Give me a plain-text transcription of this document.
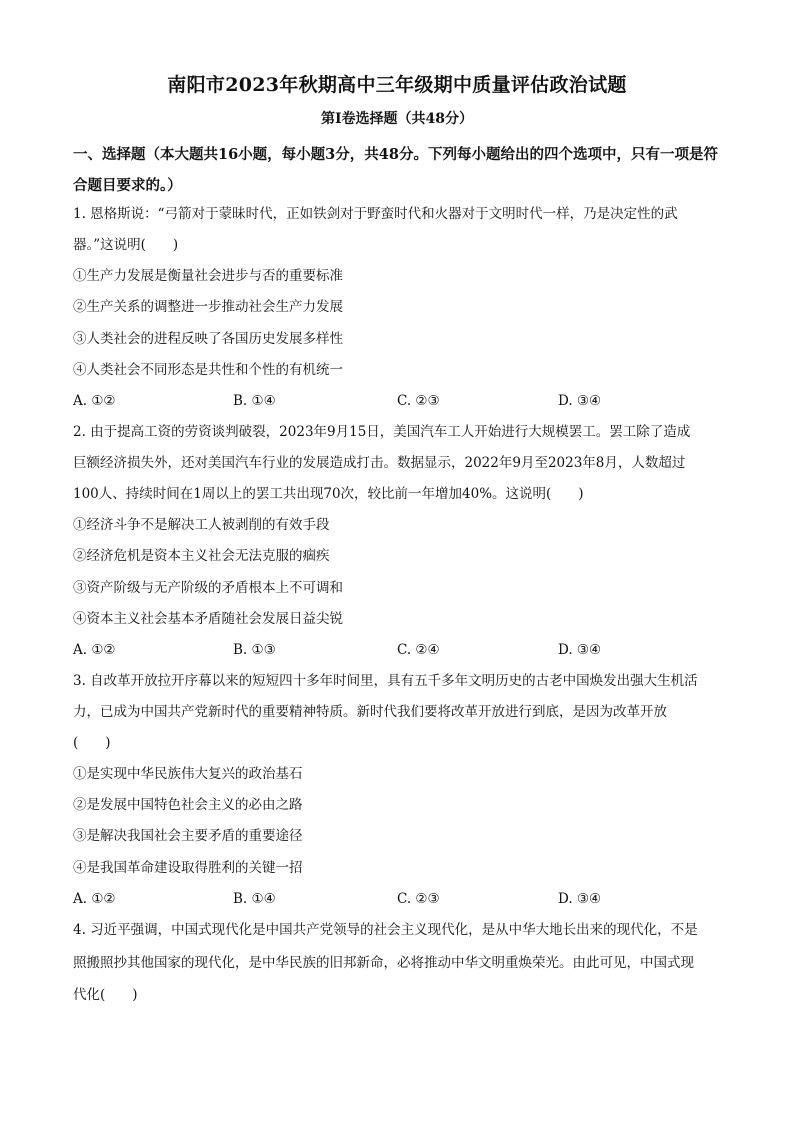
南阳市2023年秋期高中三年级期中质量评估政治试题
第Ⅰ卷选择题（共48分）
一、选择题（本大题共16小题，每小题3分，共48分。下列每小题给出的四个选项中，只有一项是符合题目要求的。）
1. 恩格斯说：“弓箭对于蒙昧时代，正如铁剑对于野蛮时代和火器对于文明时代一样，乃是决定性的武
器。”这说明(　　)
①生产力发展是衡量社会进步与否的重要标准
②生产关系的调整进一步推动社会生产力发展
③人类社会的进程反映了各国历史发展多样性
④人类社会不同形态是共性和个性的有机统一
A. ①②	B. ①④	C. ②③	D. ③④
2. 由于提高工资的劳资谈判破裂，2023年9月15日，美国汽车工人开始进行大规模罢工。罢工除了造成
巨额经济损失外，还对美国汽车行业的发展造成打击。数据显示，2022年9月至2023年8月，人数超过
100人、持续时间在1周以上的罢工共出现70次，较比前一年增加40%。这说明(　　)
①经济斗争不是解决工人被剥削的有效手段
②经济危机是资本主义社会无法克服的痼疾
③资产阶级与无产阶级的矛盾根本上不可调和
④资本主义社会基本矛盾随社会发展日益尖锐
A. ①②	B. ①③	C. ②④	D. ③④
3. 自改革开放拉开序幕以来的短短四十多年时间里，具有五千多年文明历史的古老中国焕发出强大生机活
力，已成为中国共产党新时代的重要精神特质。新时代我们要将改革开放进行到底，是因为改革开放
(　　)
①是实现中华民族伟大复兴的政治基石
②是发展中国特色社会主义的必由之路
③是解决我国社会主要矛盾的重要途径
④是我国革命建设取得胜利的关键一招
A. ①②	B. ①④	C. ②③	D. ③④
4. 习近平强调，中国式现代化是中国共产党领导的社会主义现代化，是从中华大地长出来的现代化，不是
照搬照抄其他国家的现代化，是中华民族的旧邦新命，必将推动中华文明重焕荣光。由此可见，中国式现
代化(　　)
